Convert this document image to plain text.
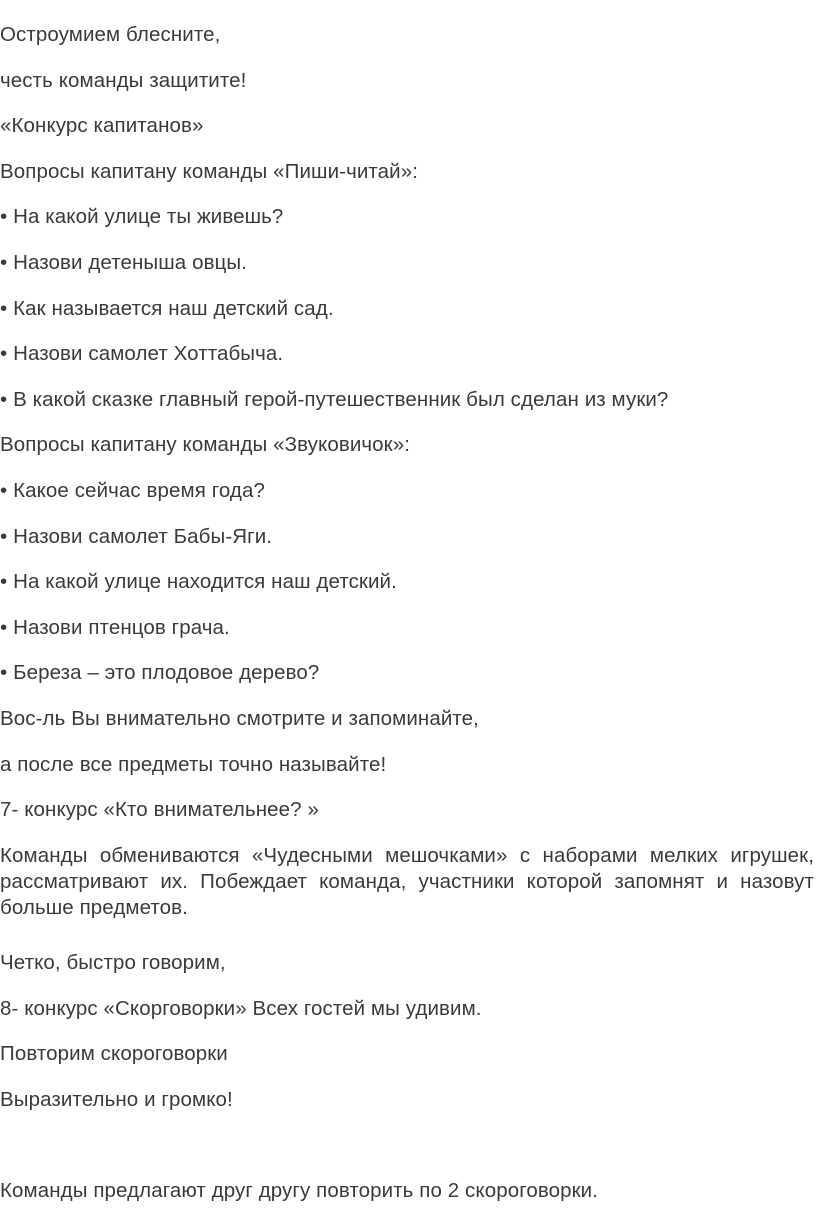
Остроумием блесните,

честь команды защитите!

«Конкурс капитанов»

Вопросы капитану команды «Пиши-читай»:

• На какой улице ты живешь?

• Назови детеныша овцы.

• Как называется наш детский сад.

• Назови самолет Хоттабыча.

• В какой сказке главный герой-путешественник был сделан из муки?

Вопросы капитану команды «Звуковичок»:

• Какое сейчас время года?

• Назови самолет Бабы-Яги.

• На какой улице находится наш детский.

• Назови птенцов грача.

• Береза – это плодовое дерево?

Вос-ль Вы внимательно смотрите и запоминайте,

а после все предметы точно называйте!

7- конкурс «Кто внимательнее? »

Команды обмениваются «Чудесными мешочками» с наборами мелких игрушек, рассматривают их. Побеждает команда, участники которой запомнят и назовут больше предметов.

Четко, быстро говорим,

8- конкурс «Скорговорки» Всех гостей мы удивим.

Повторим скороговорки

Выразительно и громко!

Команды предлагают друг другу повторить по 2 скороговорки.
